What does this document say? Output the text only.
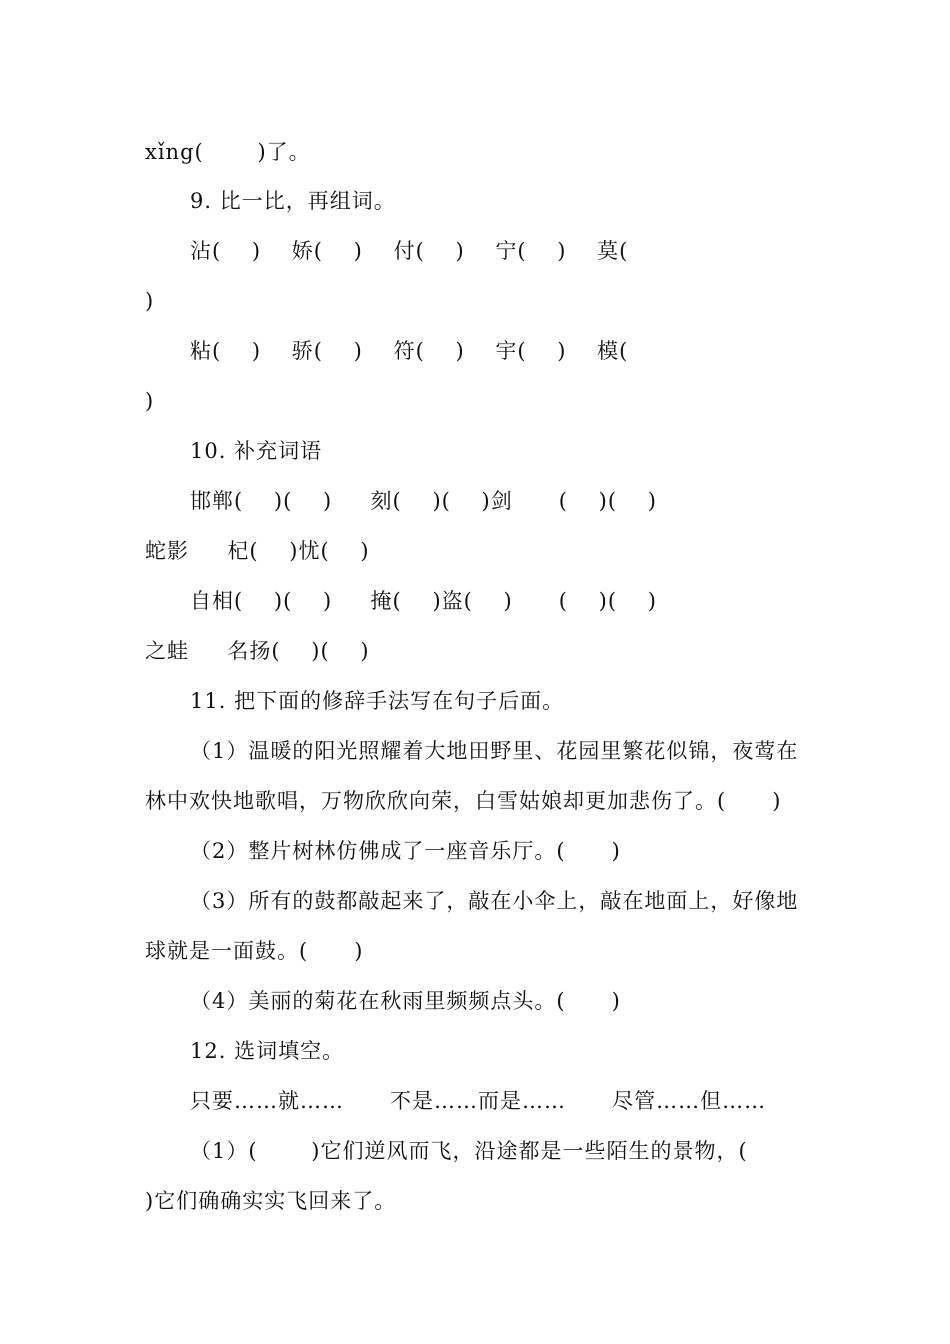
xǐng(       )了。
9. 比一比，再组词。
沾(    )    娇(    )    付(    )    宁(    )    莫(
)
粘(    )    骄(    )    符(    )    宇(    )    模(
)
10. 补充词语
邯郸(    )(    )     刻(    )(    )剑      (    )(    )
蛇影     杞(    )忧(    )
自相(    )(    )     掩(    )盗(    )      (    )(    )
之蛙     名扬(    )(    )
11. 把下面的修辞手法写在句子后面。
（1）温暖的阳光照耀着大地田野里、花园里繁花似锦，夜莺在
林中欢快地歌唱，万物欣欣向荣，白雪姑娘却更加悲伤了。(      )
（2）整片树林仿佛成了一座音乐厅。(      )
（3）所有的鼓都敲起来了，敲在小伞上，敲在地面上，好像地
球就是一面鼓。(      )
（4）美丽的菊花在秋雨里频频点头。(      )
12. 选词填空。
只要……就……      不是……而是……      尽管……但……
（1）(       )它们逆风而飞，沿途都是一些陌生的景物，(
)它们确确实实飞回来了。
